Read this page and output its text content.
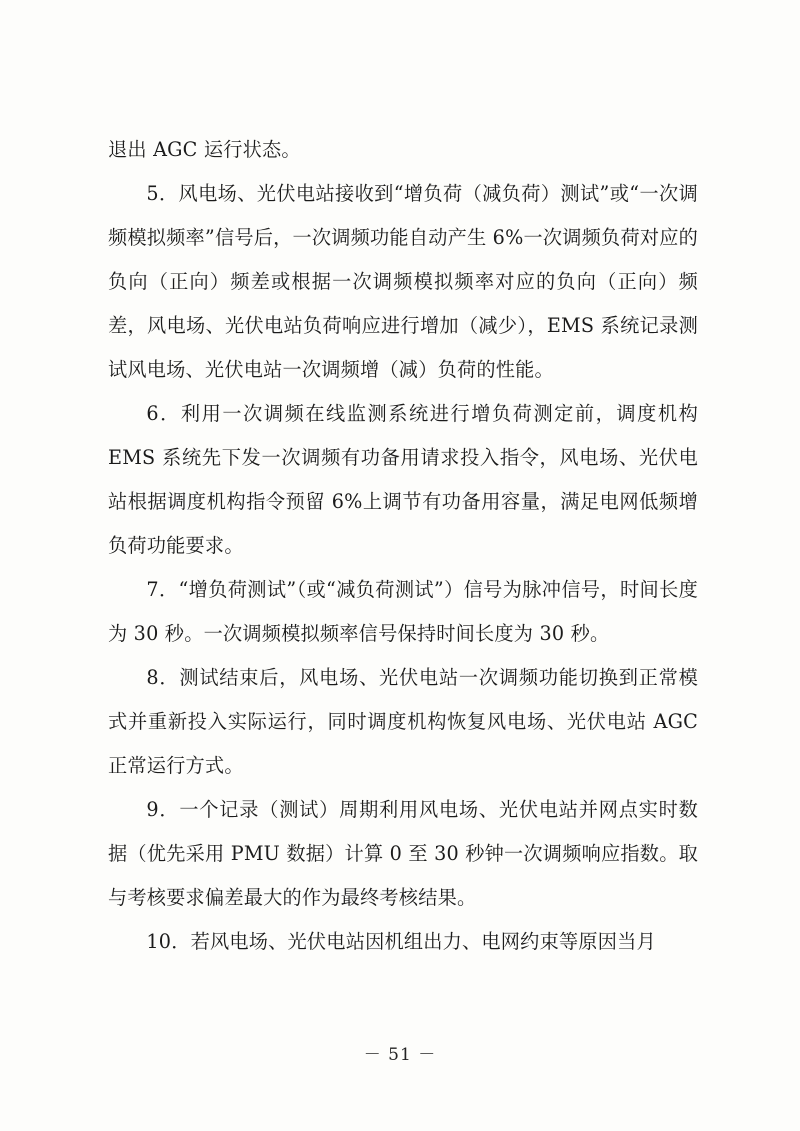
退出 AGC 运行状态。

5．风电场、光伏电站接收到“增负荷（减负荷）测试”或“一次调频模拟频率”信号后，一次调频功能自动产生 6%一次调频负荷对应的负向（正向）频差或根据一次调频模拟频率对应的负向（正向）频差，风电场、光伏电站负荷响应进行增加（减少），EMS 系统记录测试风电场、光伏电站一次调频增（减）负荷的性能。

6．利用一次调频在线监测系统进行增负荷测定前，调度机构 EMS 系统先下发一次调频有功备用请求投入指令，风电场、光伏电站根据调度机构指令预留 6%上调节有功备用容量，满足电网低频增负荷功能要求。

7．“增负荷测试”（或“减负荷测试”）信号为脉冲信号，时间长度为 30 秒。一次调频模拟频率信号保持时间长度为 30 秒。

8．测试结束后，风电场、光伏电站一次调频功能切换到正常模式并重新投入实际运行，同时调度机构恢复风电场、光伏电站 AGC 正常运行方式。

9．一个记录（测试）周期利用风电场、光伏电站并网点实时数据（优先采用 PMU 数据）计算 0 至 30 秒钟一次调频响应指数。取与考核要求偏差最大的作为最终考核结果。

10．若风电场、光伏电站因机组出力、电网约束等原因当月

－ 51 －
